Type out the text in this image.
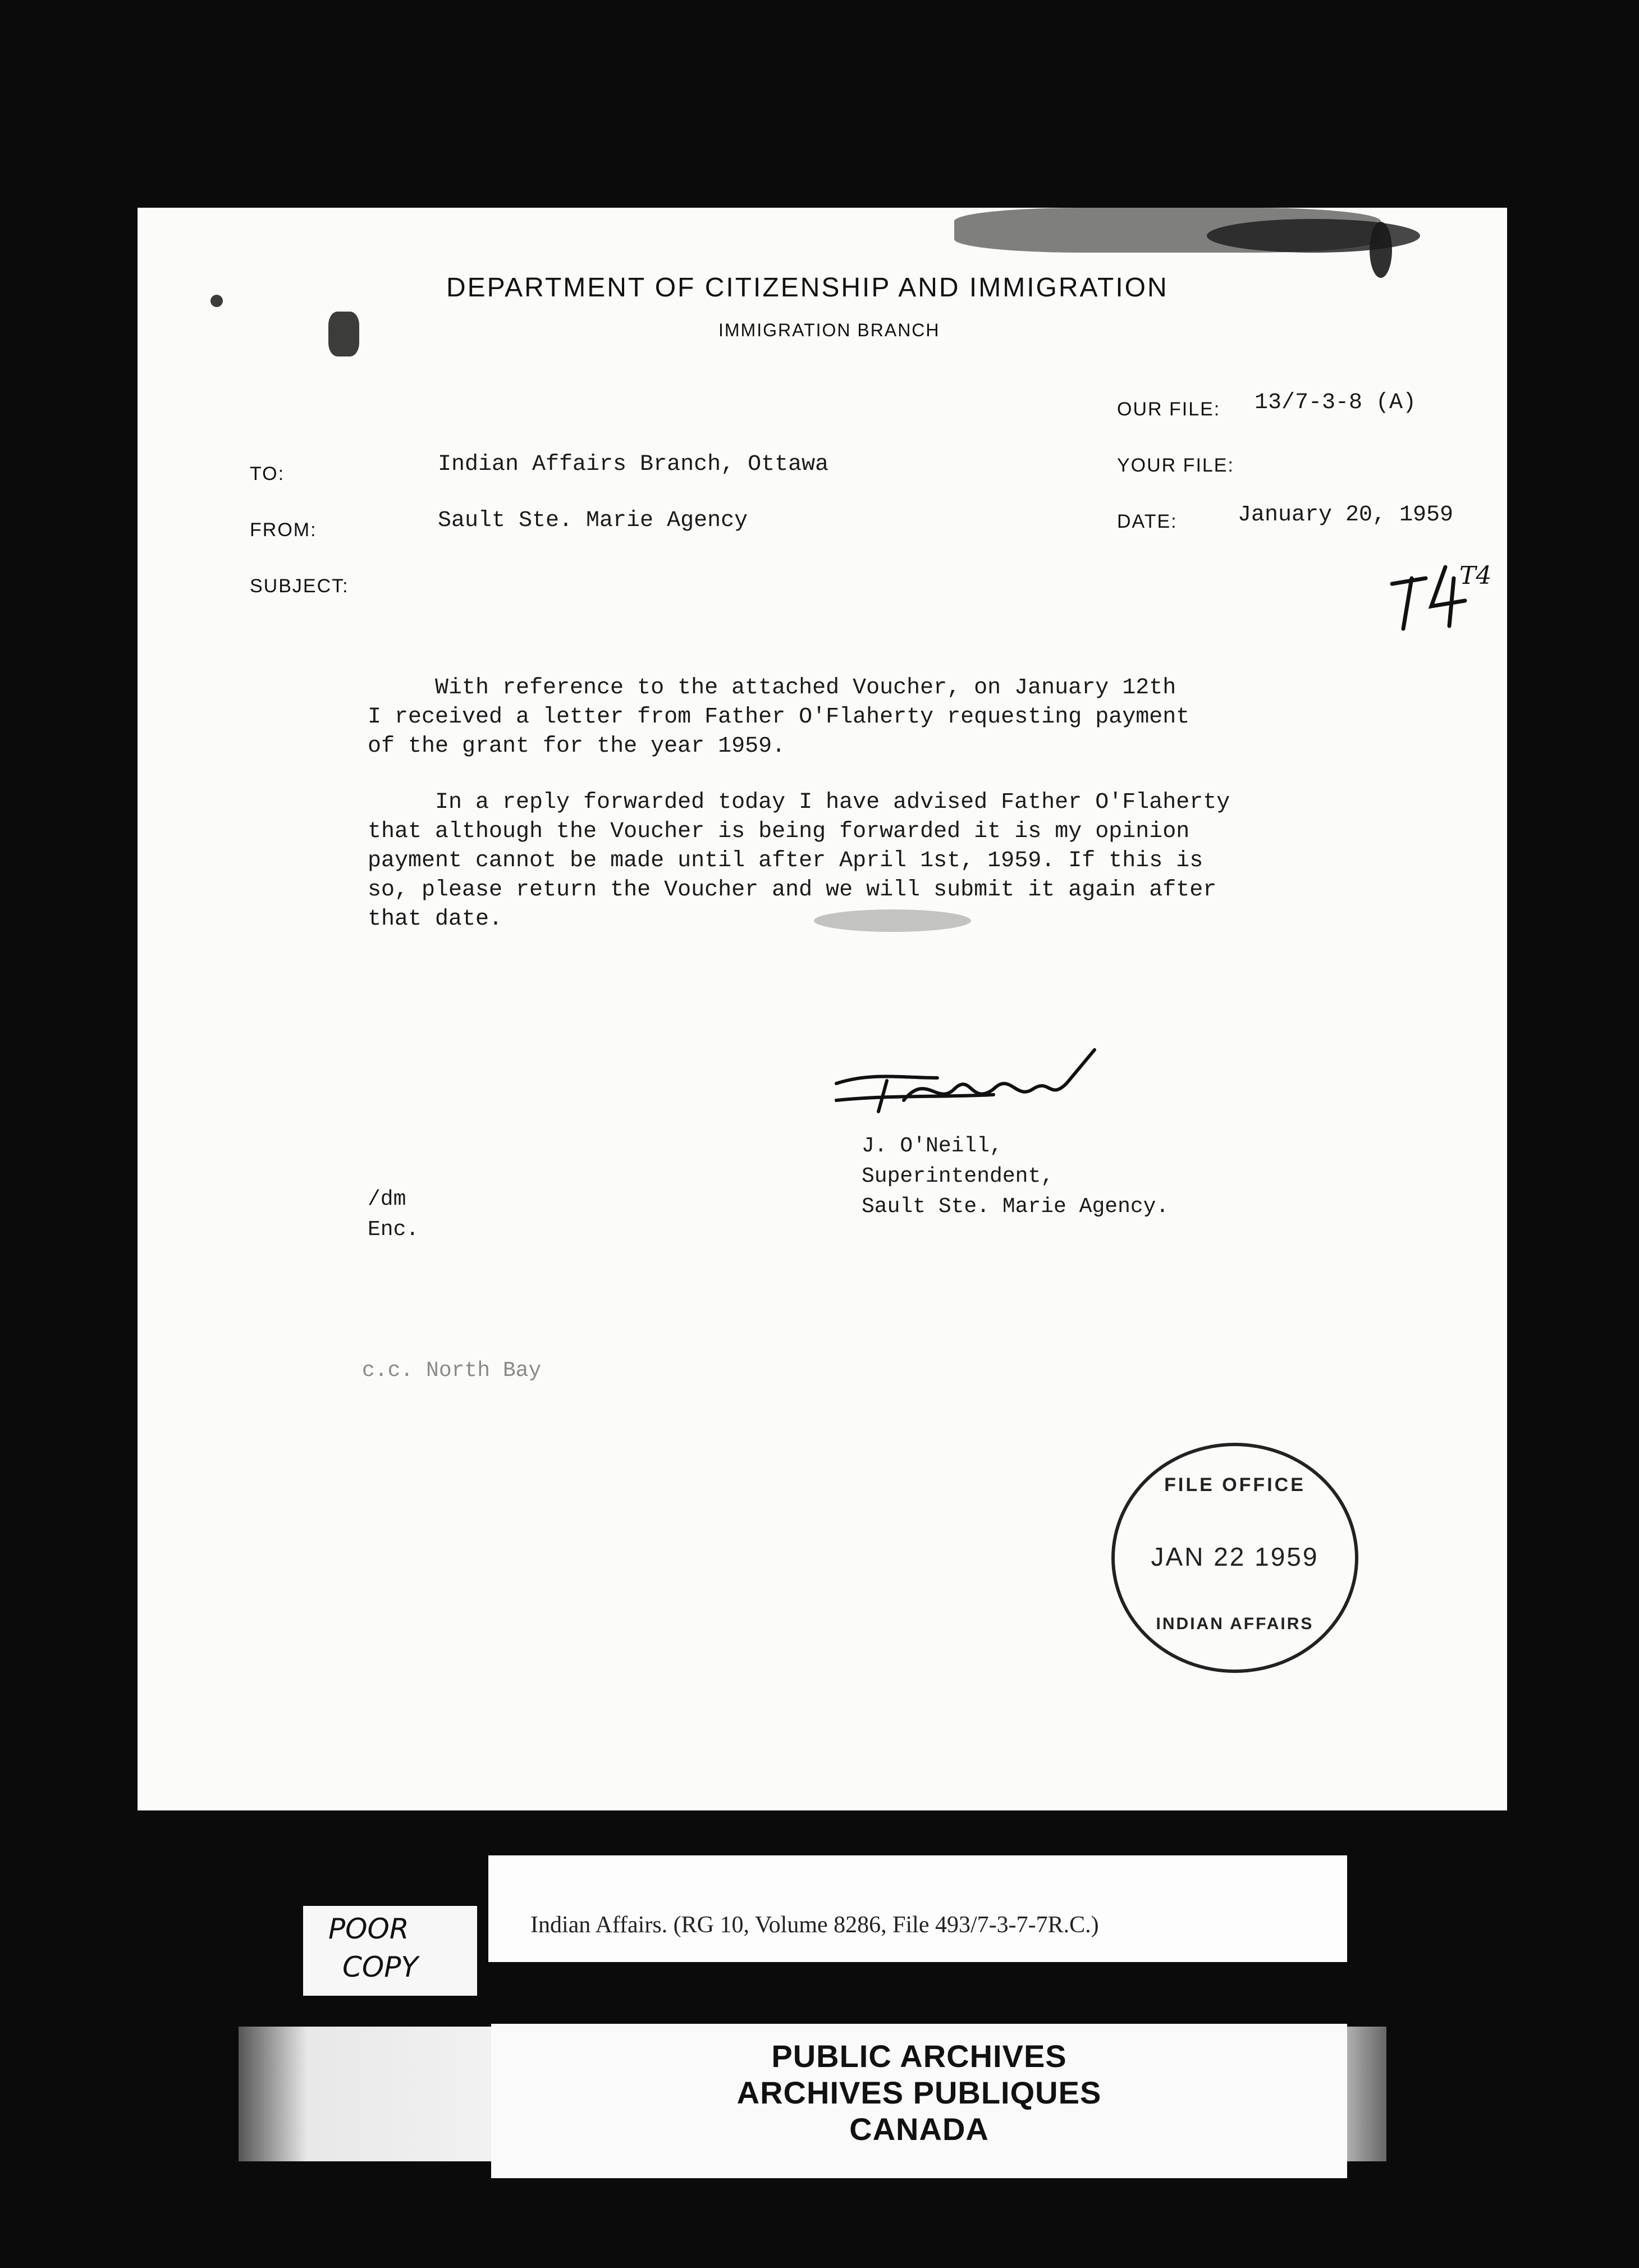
DEPARTMENT OF CITIZENSHIP AND IMMIGRATION
IMMIGRATION BRANCH
OUR FILE: 13/7-3-8 (A)
YOUR FILE:
DATE:	January 20, 1959
TO:	Indian Affairs Branch, Ottawa
FROM:	Sault Ste. Marie Agency
SUBJECT:	T4

With reference to the attached Voucher, on January 12th
I received a letter from Father O'Flaherty requesting payment
of the grant for the year 1959.

In a reply forwarded today I have advised Father O'Flaherty
that although the Voucher is being forwarded it is my opinion
payment cannot be made until after April 1st, 1959. If this is
so, please return the Voucher and we will submit it again after
that date.

J. O'Neill,
Superintendent,
Sault Ste. Marie Agency.
/dm
Enc.
c.c. North Bay
FILE OFFICE
JAN 22 1959
INDIAN AFFAIRS
Indian Affairs. (RG 10, Volume 8286, File 493/7-3-7-7R.C.)
POOR
COPY
PUBLIC ARCHIVES
ARCHIVES PUBLIQUES
CANADA
